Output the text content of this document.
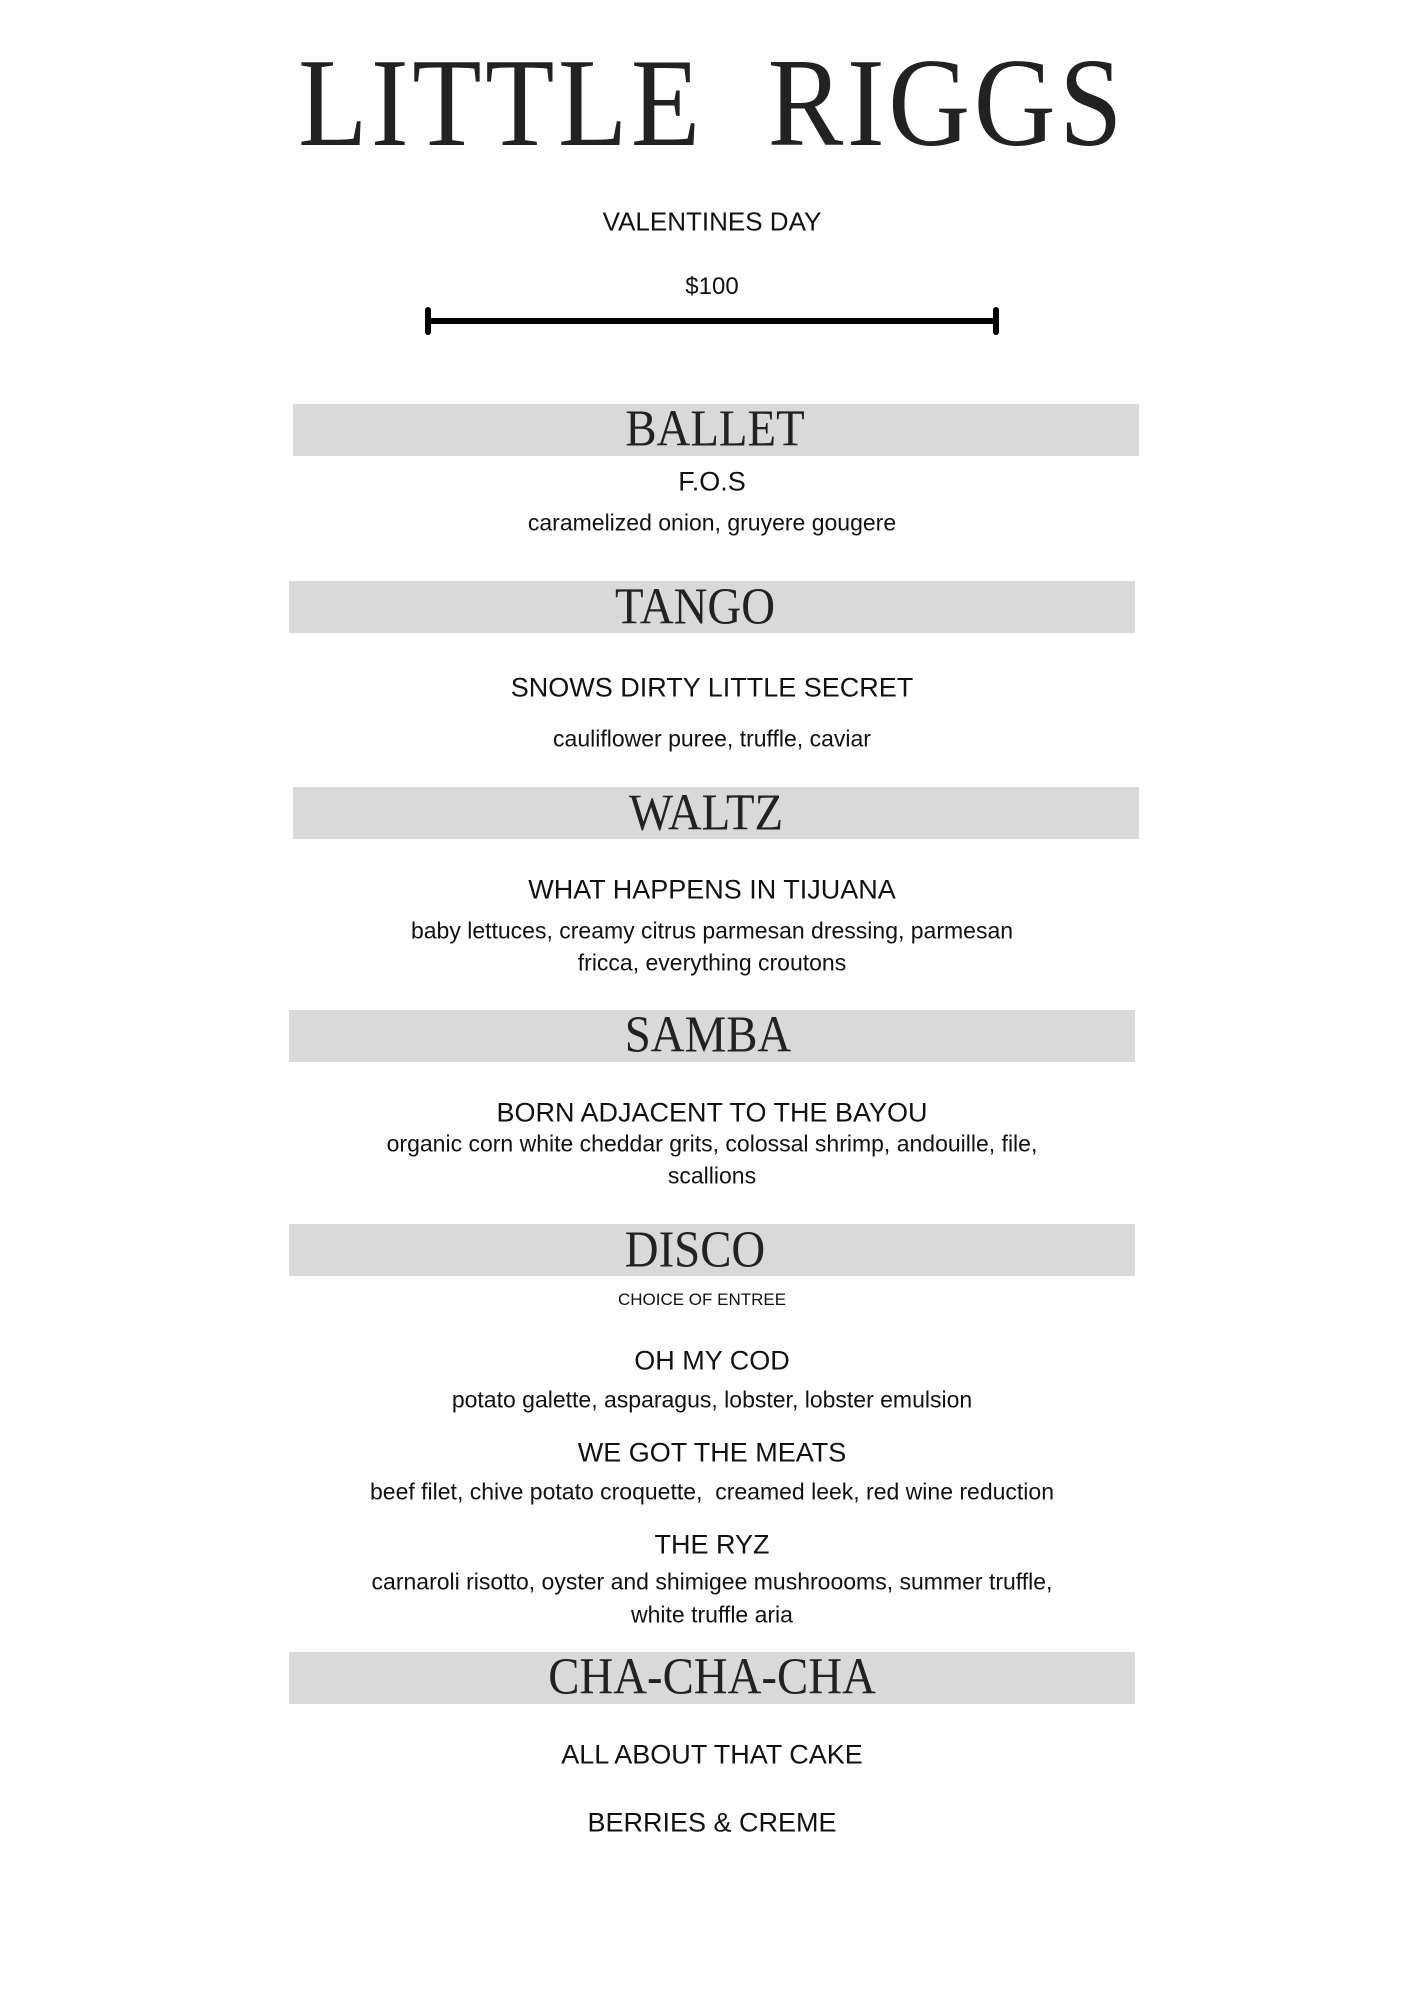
LITTLE  RIGGS
VALENTINES DAY
$100
BALLET
F.O.S
caramelized onion, gruyere gougere
TANGO
SNOWS DIRTY LITTLE SECRET
cauliflower puree, truffle, caviar
WALTZ
WHAT HAPPENS IN TIJUANA
baby lettuces, creamy citrus parmesan dressing, parmesan
fricca, everything croutons
SAMBA
BORN ADJACENT TO THE BAYOU
organic corn white cheddar grits, colossal shrimp, andouille, file,
scallions
DISCO
CHOICE OF ENTREE
OH MY COD
potato galette, asparagus, lobster, lobster emulsion
WE GOT THE MEATS
beef filet, chive potato croquette,  creamed leek, red wine reduction
THE RYZ
carnaroli risotto, oyster and shimigee mushroooms, summer truffle,
white truffle aria
CHA-CHA-CHA
ALL ABOUT THAT CAKE
BERRIES & CREME
